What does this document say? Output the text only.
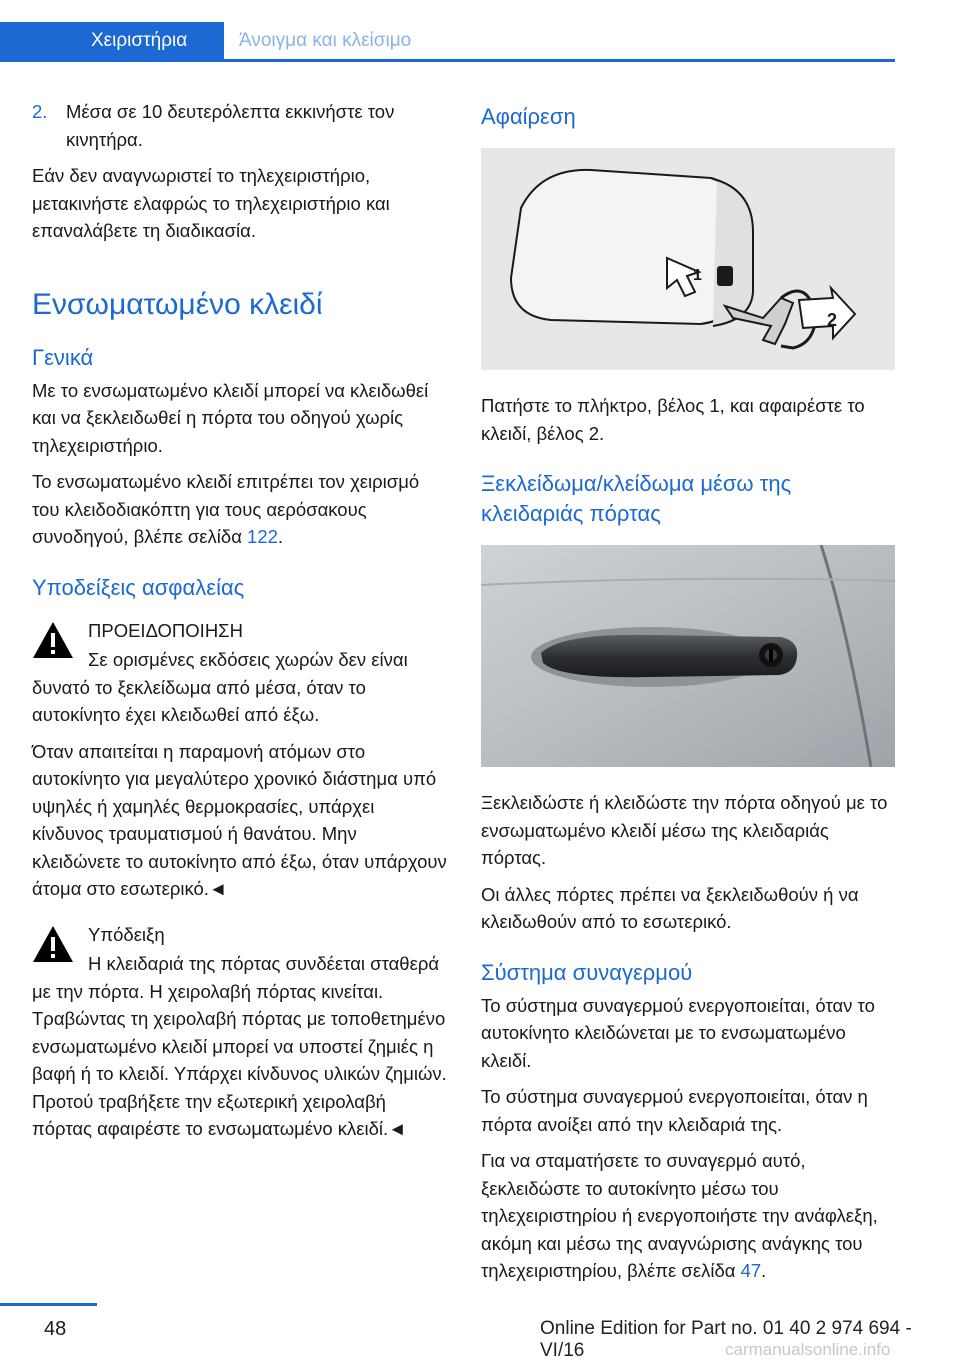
Χειριστήρια	Άνοιγμα και κλείσιμο

2.	Μέσα σε 10 δευτερόλεπτα εκκινήστε τον κινητήρα.

Εάν δεν αναγνωριστεί το τηλεχειριστήριο, μετακινήστε ελαφρώς το τηλεχειριστήριο και επαναλάβετε τη διαδικασία.

Ενσωματωμένο κλειδί
Γενικά

Με το ενσωματωμένο κλειδί μπορεί να κλειδωθεί και να ξεκλειδωθεί η πόρτα του οδηγού χωρίς τηλεχειριστήριο.

Το ενσωματωμένο κλειδί επιτρέπει τον χειρισμό του κλειδοδιακόπτη για τους αερόσακους συνοδηγού, βλέπε σελίδα 122.

Υποδείξεις ασφαλείας

ΠΡΟΕΙΔΟΠΟΙΗΣΗ

Σε ορισμένες εκδόσεις χωρών δεν είναι δυνατό το ξεκλείδωμα από μέσα, όταν το αυτοκίνητο έχει κλειδωθεί από έξω.

Όταν απαιτείται η παραμονή ατόμων στο αυτοκίνητο για μεγαλύτερο χρονικό διάστημα υπό υψηλές ή χαμηλές θερμοκρασίες, υπάρχει κίνδυνος τραυματισμού ή θανάτου. Μην κλειδώνετε το αυτοκίνητο από έξω, όταν υπάρχουν άτομα στο εσωτερικό.◄

Υπόδειξη

Η κλειδαριά της πόρτας συνδέεται σταθερά με την πόρτα. Η χειρολαβή πόρτας κινείται. Τραβώντας τη χειρολαβή πόρτας με τοποθετημένο ενσωματωμένο κλειδί μπορεί να υποστεί ζημιές η βαφή ή το κλειδί. Υπάρχει κίνδυνος υλικών ζημιών. Προτού τραβήξετε την εξωτερική χειρολαβή πόρτας αφαιρέστε το ενσωματωμένο κλειδί.◄

Αφαίρεση
1
2

Πατήστε το πλήκτρο, βέλος 1, και αφαιρέστε το κλειδί, βέλος 2.

Ξεκλείδωμα/κλείδωμα μέσω της κλειδαριάς πόρτας

Ξεκλειδώστε ή κλειδώστε την πόρτα οδηγού με το ενσωματωμένο κλειδί μέσω της κλειδαριάς πόρτας.

Οι άλλες πόρτες πρέπει να ξεκλειδωθούν ή να κλειδωθούν από το εσωτερικό.

Σύστημα συναγερμού

Το σύστημα συναγερμού ενεργοποιείται, όταν το αυτοκίνητο κλειδώνεται με το ενσωματωμένο κλειδί.

Το σύστημα συναγερμού ενεργοποιείται, όταν η πόρτα ανοίξει από την κλειδαριά της.

Για να σταματήσετε το συναγερμό αυτό, ξεκλειδώστε το αυτοκίνητο μέσω του τηλεχειριστηρίου ή ενεργοποιήστε την ανάφλεξη, ακόμη και μέσω της αναγνώρισης ανάγκης του τηλεχειριστηρίου, βλέπε σελίδα 47.

48	Online Edition for Part no. 01 40 2 974 694 - VI/16	carmanualsonline.info
